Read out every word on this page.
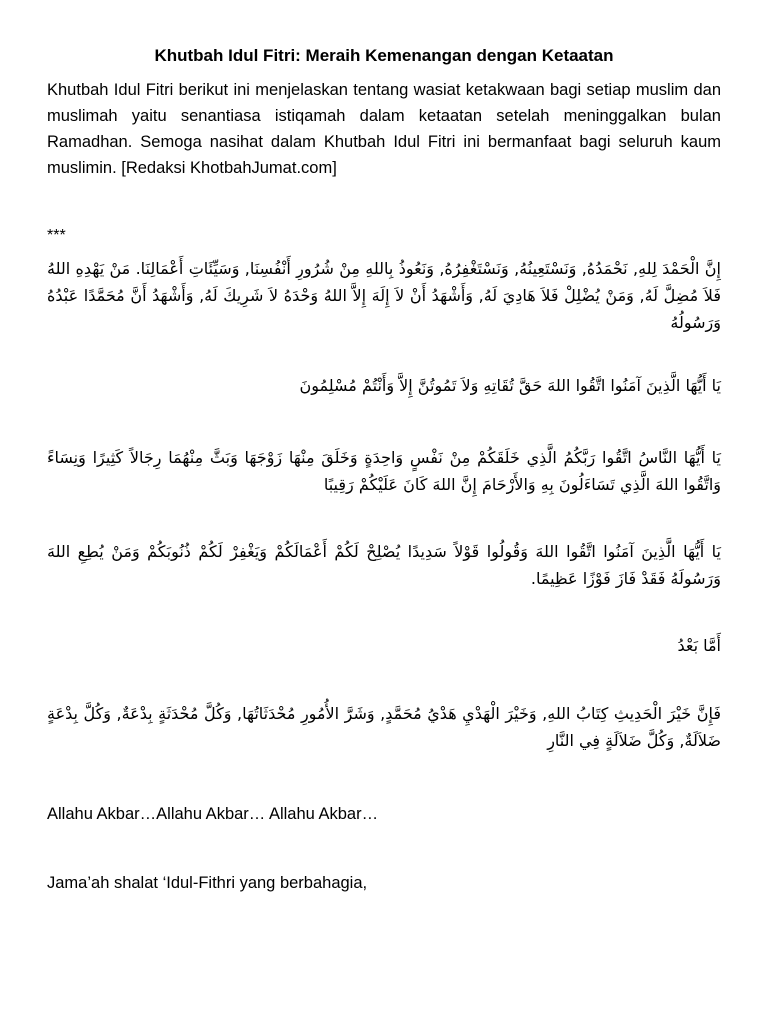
Khutbah Idul Fitri: Meraih Kemenangan dengan Ketaatan
Khutbah Idul Fitri berikut ini menjelaskan tentang wasiat ketakwaan bagi setiap muslim dan muslimah yaitu senantiasa istiqamah dalam ketaatan setelah meninggalkan bulan Ramadhan. Semoga nasihat dalam Khutbah Idul Fitri ini bermanfaat bagi seluruh kaum muslimin. [Redaksi KhotbahJumat.com]
***
إِنَّ الْحَمْدَ لِلهِ, نَحْمَدُهُ, وَنَسْتَعِينُهُ, وَنَسْتَغْفِرُهُ, وَنَعُوذُ بِاللهِ مِنْ شُرُورِ أَنْفُسِنَا, وَسَيِّئَاتِ أَعْمَالِنَا. مَنْ يَهْدِهِ اللهُ فَلاَ مُضِلَّ لَهُ, وَمَنْ يُضْلِلْ فَلاَ هَادِيَ لَهُ, وَأَشْهَدُ أَنْ لاَ إِلَهَ إِلاَّ اللهُ وَحْدَهُ لاَ شَرِيكَ لَهُ, وَأَشْهَدُ أَنَّ مُحَمَّدًا عَبْدُهُ وَرَسُولُهُ
يَا أَيُّهَا الَّذِينَ آمَنُوا اتَّقُوا اللهَ حَقَّ تُقَاتِهِ وَلاَ تَمُوتُنَّ إِلاَّ وَأَنْتُمْ مُسْلِمُونَ
يَا أَيُّهَا النَّاسُ اتَّقُوا رَبَّكُمُ الَّذِي خَلَقَكُمْ مِنْ نَفْسٍ وَاحِدَةٍ وَخَلَقَ مِنْهَا زَوْجَهَا وَبَثَّ مِنْهُمَا رِجَالاً كَثِيرًا وَنِسَاءً وَاتَّقُوا اللهَ الَّذِي تَسَاءَلُونَ بِهِ وَالأَرْحَامَ إِنَّ اللهَ كَانَ عَلَيْكُمْ رَقِيبًا
يَا أَيُّهَا الَّذِينَ آمَنُوا اتَّقُوا اللهَ وَقُولُوا قَوْلاً سَدِيدًا يُصْلِحْ لَكُمْ أَعْمَالَكُمْ وَيَغْفِرْ لَكُمْ ذُنُوبَكُمْ وَمَنْ يُطِعِ اللهَ وَرَسُولَهُ فَقَدْ فَازَ فَوْزًا عَظِيمًا.
أَمَّا بَعْدُ
فَإِنَّ خَيْرَ الْحَدِيثِ كِتَابُ اللهِ, وَخَيْرَ الْهَدْيِ هَدْيُ مُحَمَّدٍ, وَشَرَّ الأُمُورِ مُحْدَثَاتُهَا, وَكُلَّ مُحْدَثَةٍ بِدْعَةٌ, وَكُلَّ بِدْعَةٍ ضَلاَلَةٌ, وَكُلَّ ضَلاَلَةٍ فِي النَّارِ
Allahu Akbar…Allahu Akbar… Allahu Akbar…
Jama’ah shalat ‘Idul-Fithri yang berbahagia,
